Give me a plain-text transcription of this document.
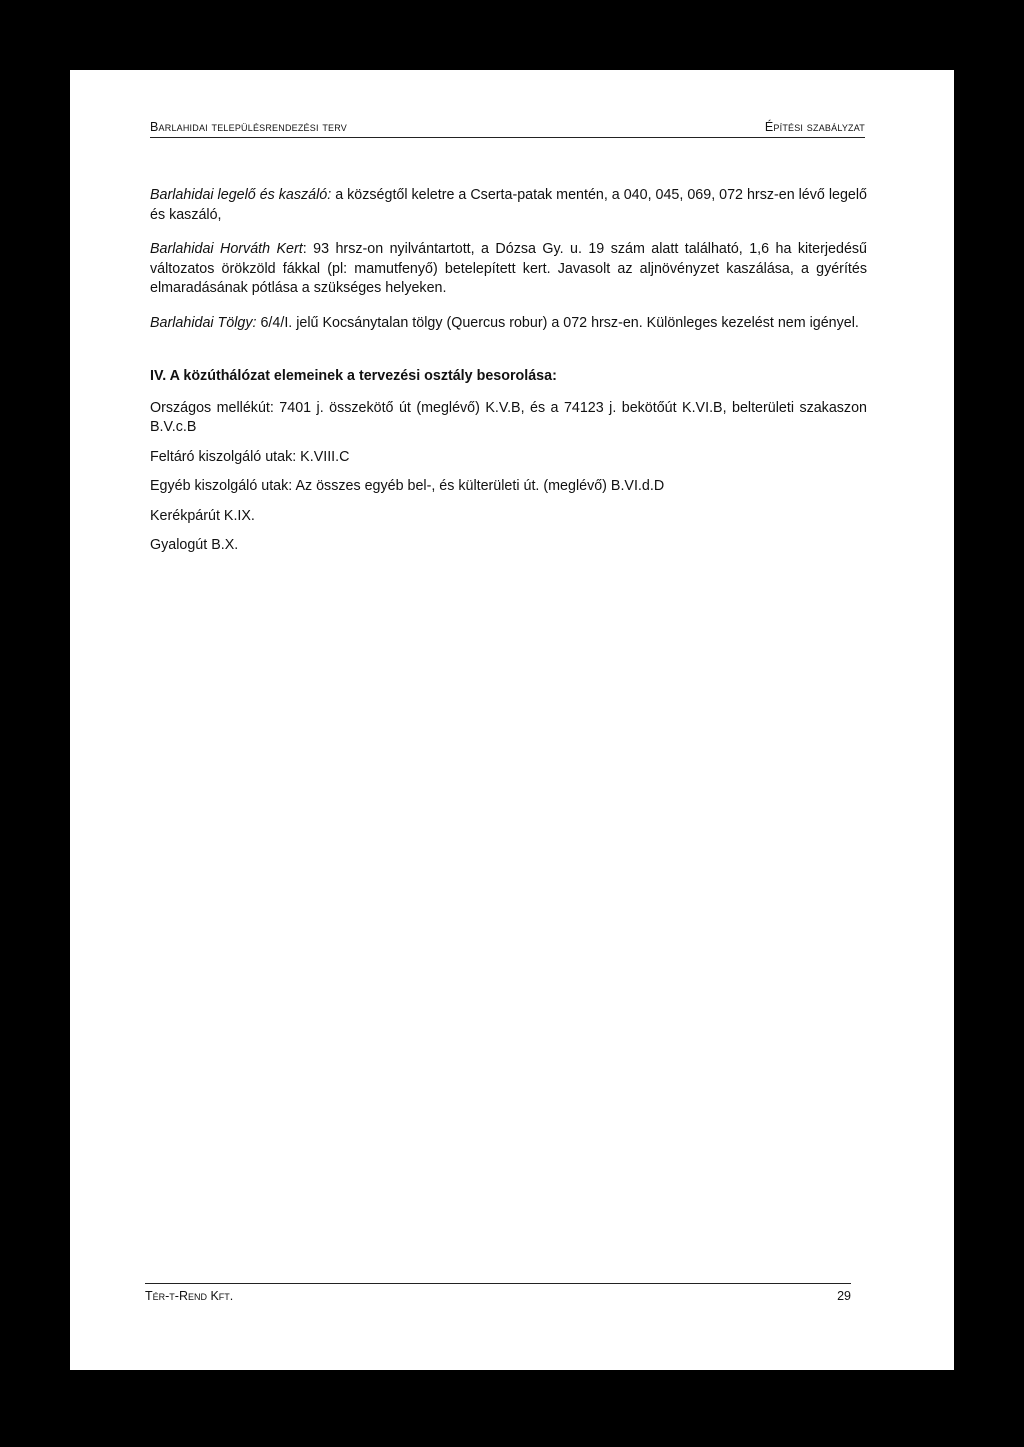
Barlahidai településrendezési terv	Építési szabályzat

Barlahidai legelő és kaszáló: a községtől keletre a Cserta-patak mentén, a 040, 045, 069, 072 hrsz-en lévő legelő és kaszáló,

Barlahidai Horváth Kert: 93 hrsz-on nyilvántartott, a Dózsa Gy. u. 19 szám alatt található, 1,6 ha kiterjedésű változatos örökzöld fákkal (pl: mamutfenyő) betelepített kert. Javasolt az aljnövényzet kaszálása, a gyérítés elmaradásának pótlása a szükséges helyeken.

Barlahidai Tölgy: 6/4/I. jelű Kocsánytalan tölgy (Quercus robur) a 072 hrsz-en. Különleges kezelést nem igényel.

IV. A közúthálózat elemeinek a tervezési osztály besorolása:

Országos mellékút: 7401 j. összekötő út (meglévő) K.V.B, és a 74123 j. bekötőút K.VI.B, belterületi szakaszon B.V.c.B

Feltáró kiszolgáló utak: K.VIII.C

Egyéb kiszolgáló utak: Az összes egyéb bel-, és külterületi út. (meglévő) B.VI.d.D

Kerékpárút K.IX.

Gyalogút B.X.

Tér-t-Rend Kft.	29
